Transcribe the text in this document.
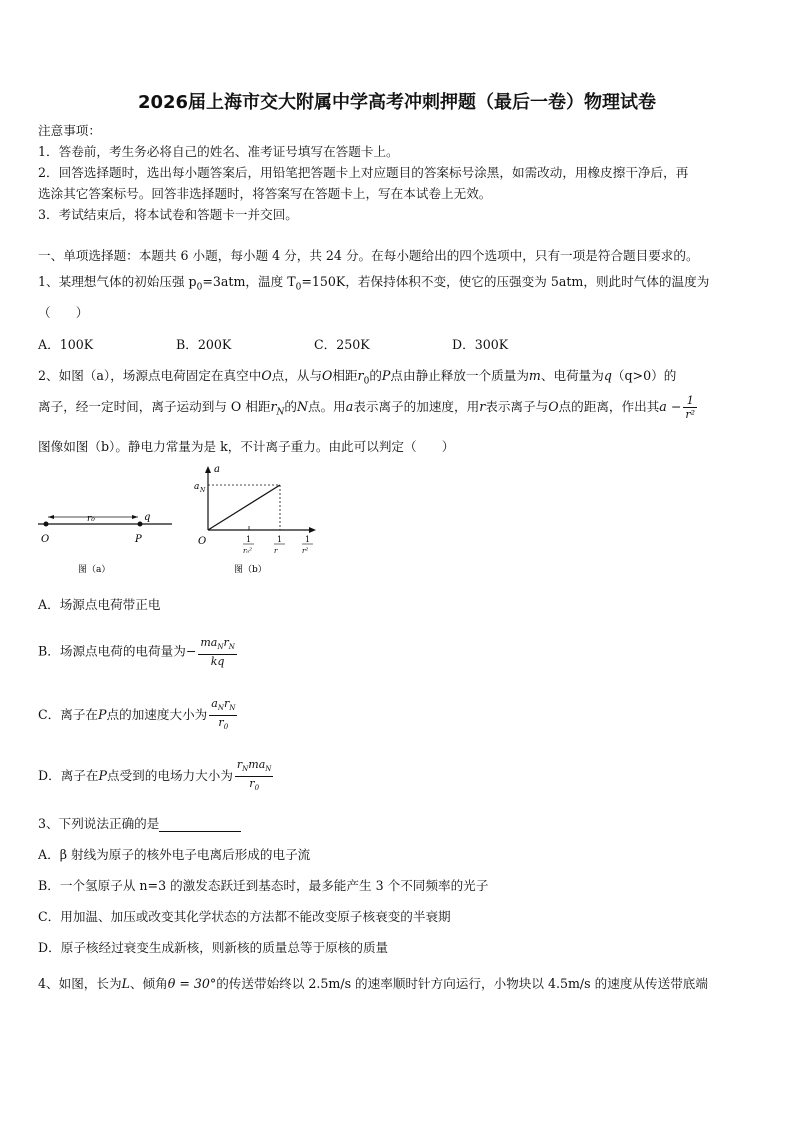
2026届上海市交大附属中学高考冲刺押题（最后一卷）物理试卷
注意事项：
1．答卷前，考生务必将自己的姓名、准考证号填写在答题卡上。
2．回答选择题时，选出每小题答案后，用铅笔把答题卡上对应题目的答案标号涂黑，如需改动，用橡皮擦干净后，再
选涂其它答案标号。回答非选择题时，将答案写在答题卡上，写在本试卷上无效。
3．考试结束后，将本试卷和答题卡一并交回。
一、单项选择题：本题共 6 小题，每小题 4 分，共 24 分。在每小题给出的四个选项中，只有一项是符合题目要求的。
1、某理想气体的初始压强 $p_0=3atm$，温度 $T_0=150K$，若保持体积不变，使它的压强变为 5atm，则此时气体的温度为
（　　）
A．100K	B．200K	C．250K	D．300K
2、如图（a），场源点电荷固定在真空中O点，从与O相距$r_0$的P点由静止释放一个质量为m、电荷量为q（q>0）的
离子，经一定时间，离子运动到与 O 相距$r_N$的N点。用a表示离子的加速度，用r表示离子与O点的距离，作出其$a - \frac{1}{\text{r²}}$
图像如图（b）。静电力常量为是 k，不计离子重力。由此可以判定（　　）
r₀	q
O	P
图（a）
a
a N
O	1
r₀²
1
r
1
r²
图（b）
A．场源点电荷带正电
B．场源点电荷的电荷量为− $\frac{ma_Nr_N}{kq}$
C．离子在P点的加速度大小为 $\frac{a_Nr_N}{r_0}$
D．离子在P点受到的电场力大小为 $\frac{r_Nma_N}{r_0}$
3、下列说法正确的是
A．β 射线为原子的核外电子电离后形成的电子流
B．一个氢原子从 n=3 的激发态跃迁到基态时，最多能产生 3 个不同频率的光子
C．用加温、加压或改变其化学状态的方法都不能改变原子核衰变的半衰期
D．原子核经过衰变生成新核，则新核的质量总等于原核的质量
4、如图，长为L、倾角θ = 30°的传送带始终以 2.5m/s 的速率顺时针方向运行，小物块以 4.5m/s 的速度从传送带底端
